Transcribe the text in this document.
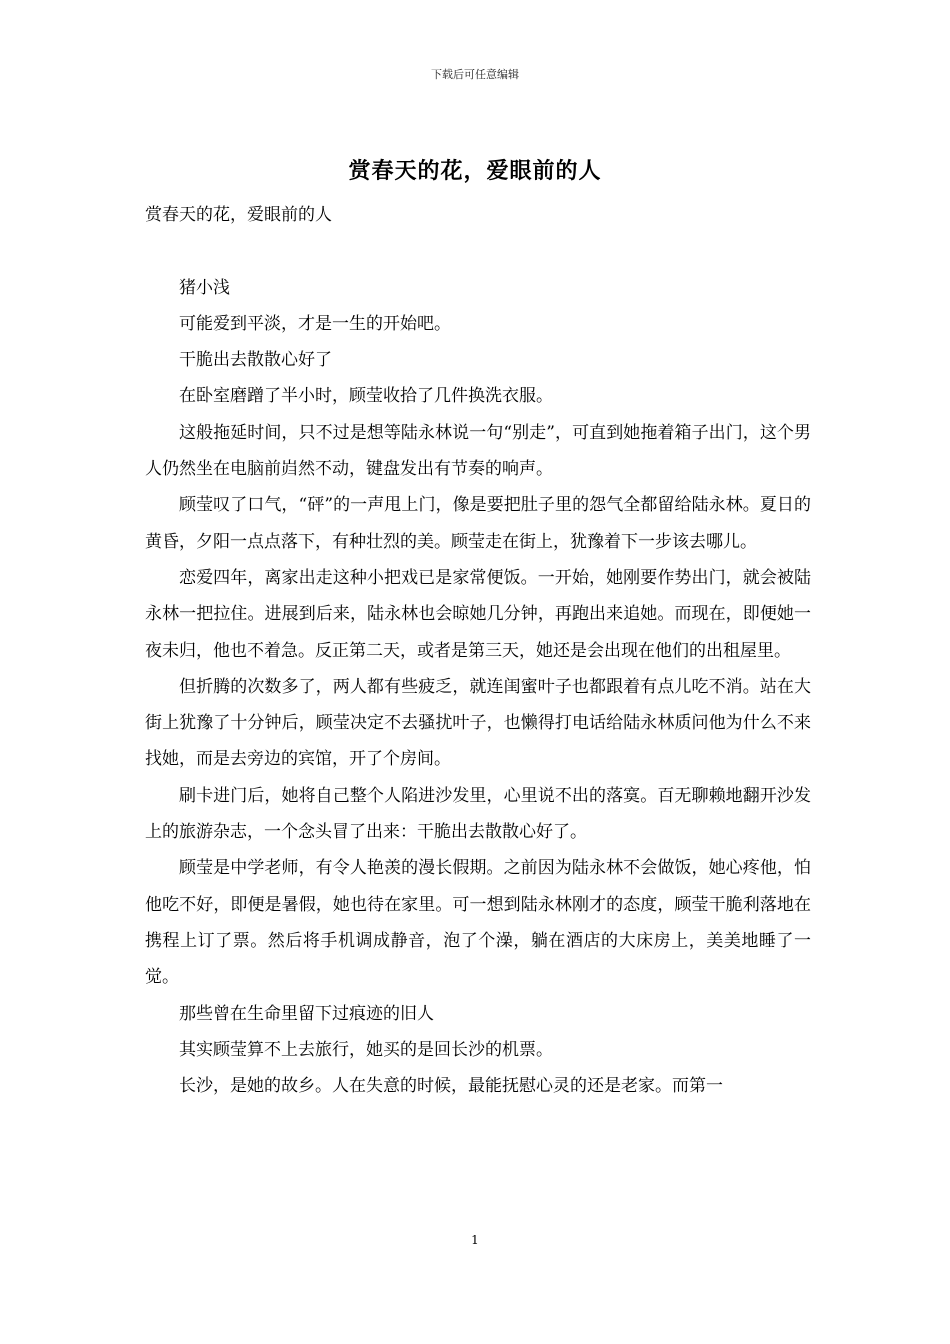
下载后可任意编辑
赏春天的花，爱眼前的人

赏春天的花，爱眼前的人

猪小浅

可能爱到平淡，才是一生的开始吧。

干脆出去散散心好了

在卧室磨蹭了半小时，顾莹收拾了几件换洗衣服。

这般拖延时间，只不过是想等陆永林说一句“别走”，可直到她拖着箱子出门，这个男人仍然坐在电脑前岿然不动，键盘发出有节奏的响声。

顾莹叹了口气，“砰”的一声甩上门，像是要把肚子里的怨气全都留给陆永林。夏日的黄昏，夕阳一点点落下，有种壮烈的美。顾莹走在街上，犹豫着下一步该去哪儿。

恋爱四年，离家出走这种小把戏已是家常便饭。一开始，她刚要作势出门，就会被陆永林一把拉住。进展到后来，陆永林也会晾她几分钟，再跑出来追她。而现在，即便她一夜未归，他也不着急。反正第二天，或者是第三天，她还是会出现在他们的出租屋里。

但折腾的次数多了，两人都有些疲乏，就连闺蜜叶子也都跟着有点儿吃不消。站在大街上犹豫了十分钟后，顾莹决定不去骚扰叶子，也懒得打电话给陆永林质问他为什么不来找她，而是去旁边的宾馆，开了个房间。

刷卡进门后，她将自己整个人陷进沙发里，心里说不出的落寞。百无聊赖地翻开沙发上的旅游杂志，一个念头冒了出来：干脆出去散散心好了。

顾莹是中学老师，有令人艳羡的漫长假期。之前因为陆永林不会做饭，她心疼他，怕他吃不好，即便是暑假，她也待在家里。可一想到陆永林刚才的态度，顾莹干脆利落地在携程上订了票。然后将手机调成静音，泡了个澡，躺在酒店的大床房上，美美地睡了一觉。

那些曾在生命里留下过痕迹的旧人

其实顾莹算不上去旅行，她买的是回长沙的机票。

长沙，是她的故乡。人在失意的时候，最能抚慰心灵的还是老家。而第一

1
